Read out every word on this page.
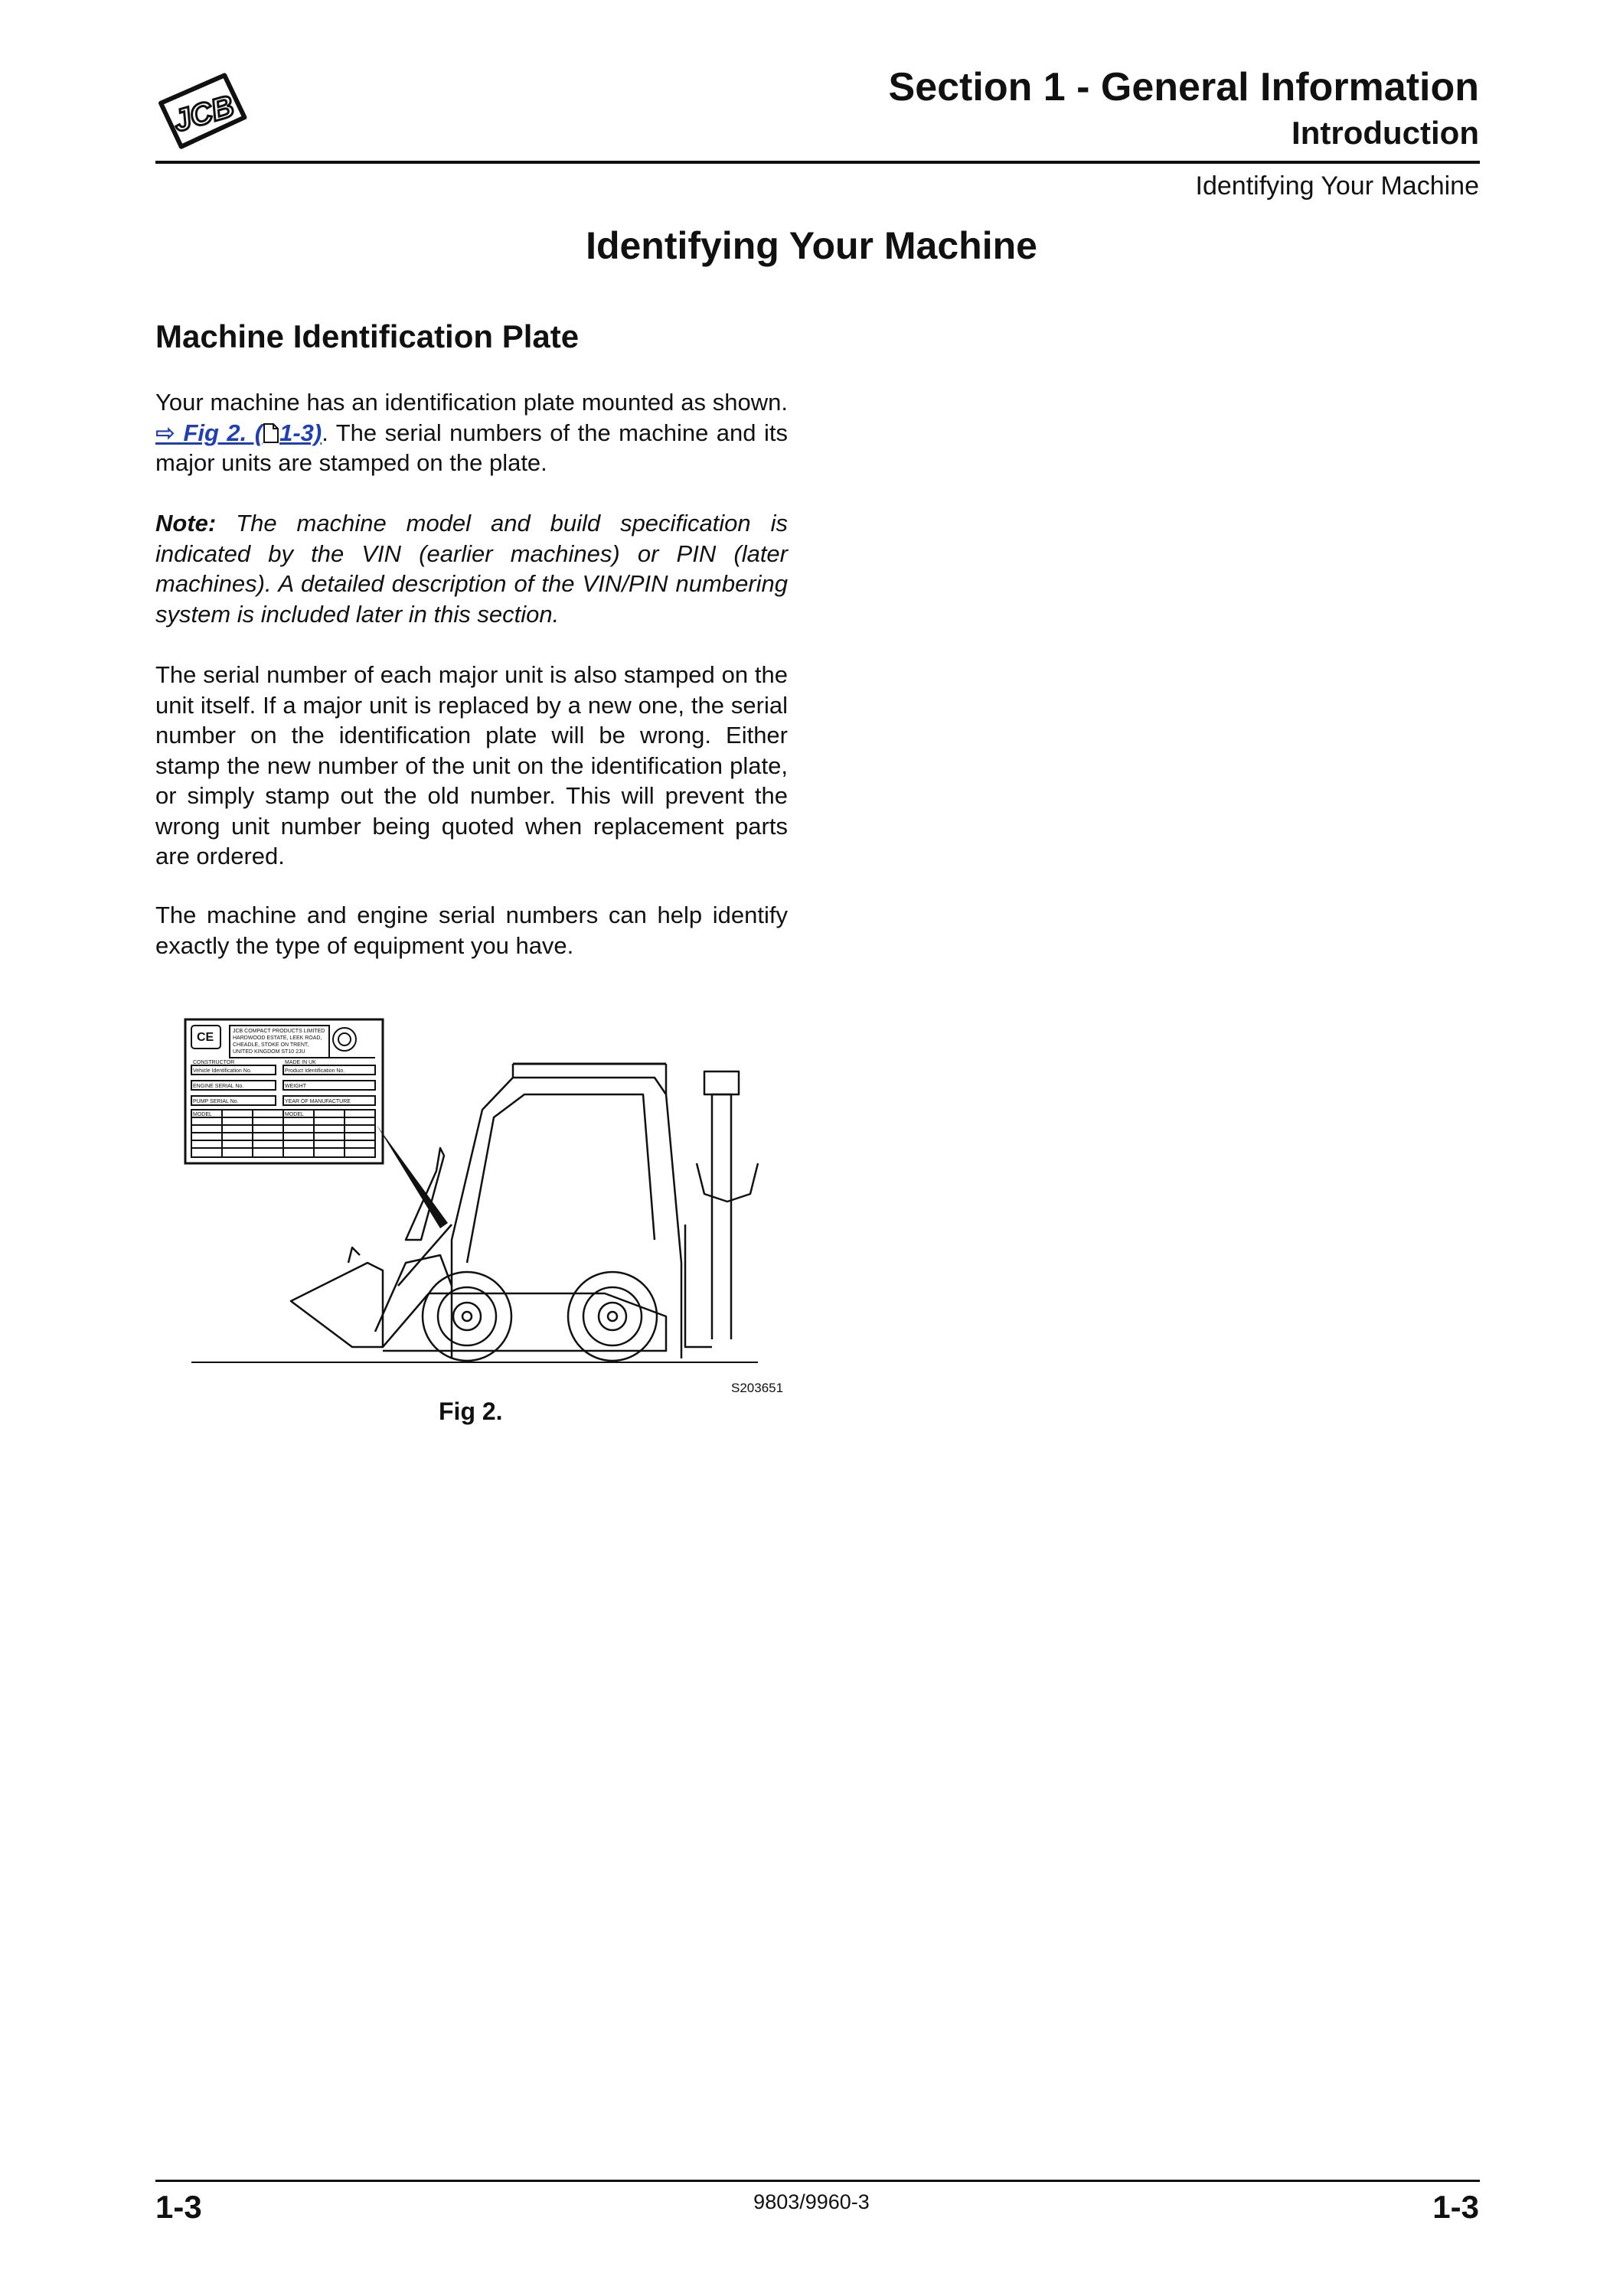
JCB
Section 1 - General Information
Introduction
Identifying Your Machine
Identifying Your Machine
Machine Identification Plate
Your machine has an identification plate mounted as shown. ⇨ Fig 2. ( 1-3). The serial numbers of the machine and its major units are stamped on the plate.
Note: The machine model and build specification is indicated by the VIN (earlier machines) or PIN (later machines). A detailed description of the VIN/PIN numbering system is included later in this section.
The serial number of each major unit is also stamped on the unit itself. If a major unit is replaced by a new one, the serial number on the identification plate will be wrong. Either stamp the new number of the unit on the identification plate, or simply stamp out the old number. This will prevent the wrong unit number being quoted when replacement parts are ordered.
The machine and engine serial numbers can help identify exactly the type of equipment you have.
CE	JCB COMPACT PRODUCTS LIMITED
HARDWOOD ESTATE, LEEK ROAD,
CHEADLE, STOKE ON TRENT,
UNITED KINGDOM ST10 2JU
CONSTRUCTOR	MADE IN UK
Vehicle Identification No.	Product Identification No.
ENGINE SERIAL No.	WEIGHT
PUMP SERIAL No.	YEAR OF MANUFACTURE
MODEL	MODEL
S203651
Fig 2.
1-3	9803/9960-3	1-3
